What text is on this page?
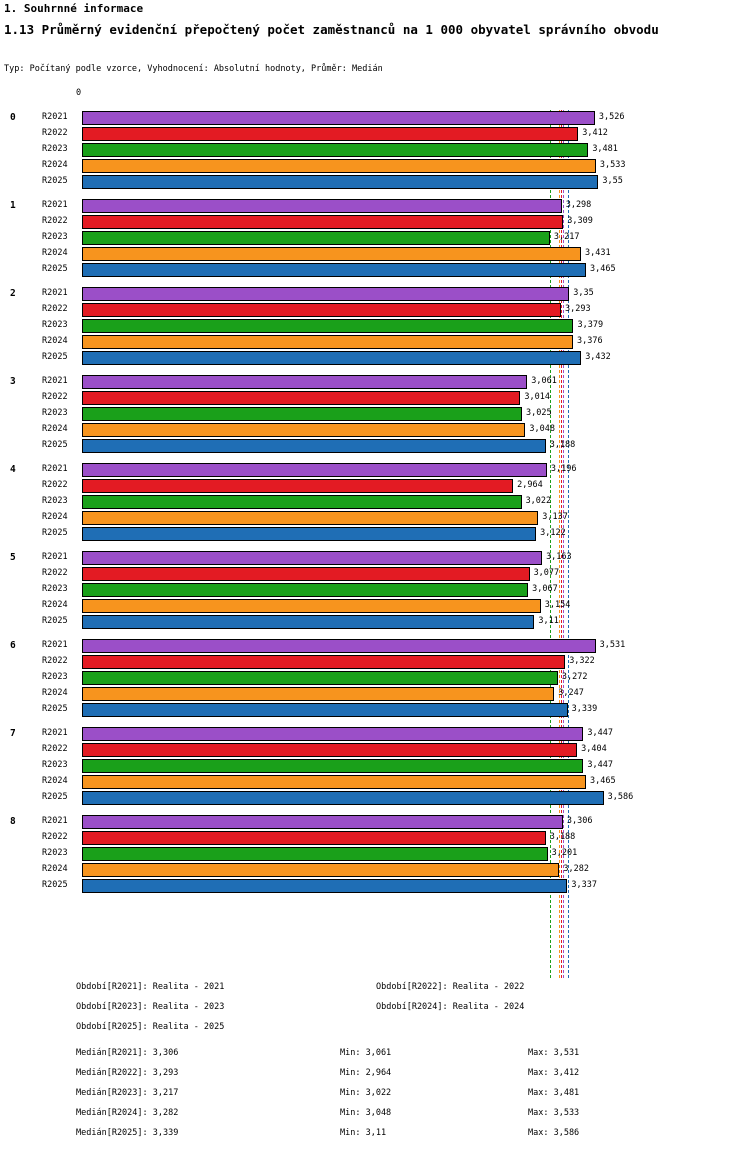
1. Souhrnné informace
1.13 Průměrný evidenční přepočtený počet zaměstnanců na 1 000 obyvatel správního obvodu
Typ: Počítaný podle vzorce, Vyhodnocení: Absolutní hodnoty, Průměr: Medián
0
0	R2021	3,526
R2022	3,412
R2023	3,481
R2024	3,533
R2025	3,55
1	R2021	3,298
R2022	3,309
R2023	3,217
R2024	3,431
R2025	3,465
2	R2021	3,35
R2022	3,293
R2023	3,379
R2024	3,376
R2025	3,432
3	R2021	3,061
R2022	3,014
R2023	3,025
R2024	3,048
R2025	3,188
4	R2021	3,196
R2022	2,964
R2023	3,022
R2024	3,137
R2025	3,122
5	R2021	3,163
R2022	3,077
R2023	3,067
R2024	3,154
R2025	3,11
6	R2021	3,531
R2022	3,322
R2023	3,272
R2024	3,247
R2025	3,339
7	R2021	3,447
R2022	3,404
R2023	3,447
R2024	3,465
R2025	3,586
8	R2021	3,306
R2022	3,188
R2023	3,201
R2024	3,282
R2025	3,337
Období[R2021]: Realita - 2021	Období[R2022]: Realita - 2022
Období[R2023]: Realita - 2023	Období[R2024]: Realita - 2024
Období[R2025]: Realita - 2025
Medián[R2021]: 3,306	Min: 3,061	Max: 3,531
Medián[R2022]: 3,293	Min: 2,964	Max: 3,412
Medián[R2023]: 3,217	Min: 3,022	Max: 3,481
Medián[R2024]: 3,282	Min: 3,048	Max: 3,533
Medián[R2025]: 3,339	Min: 3,11	Max: 3,586
